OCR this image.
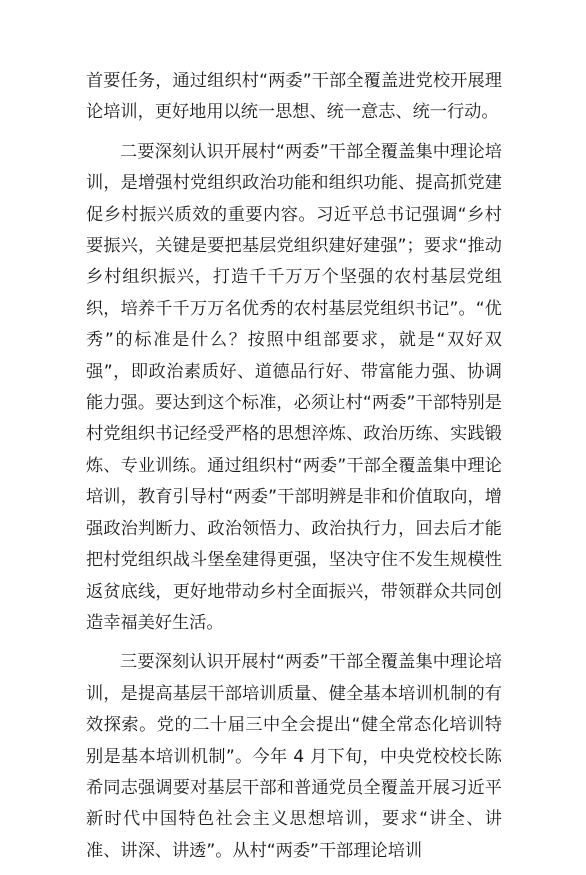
首要任务，通过组织村“两委”干部全覆盖进党校开展理论培训，更好地用以统一思想、统一意志、统一行动。

二要深刻认识开展村“两委”干部全覆盖集中理论培训，是增强村党组织政治功能和组织功能、提高抓党建促乡村振兴质效的重要内容。习近平总书记强调“乡村要振兴，关键是要把基层党组织建好建强”；要求“推动乡村组织振兴，打造千千万万个坚强的农村基层党组织，培养千千万万名优秀的农村基层党组织书记”。“优秀”的标准是什么？按照中组部要求，就是“双好双强”，即政治素质好、道德品行好、带富能力强、协调能力强。要达到这个标准，必须让村“两委”干部特别是村党组织书记经受严格的思想淬炼、政治历练、实践锻炼、专业训练。通过组织村“两委”干部全覆盖集中理论培训，教育引导村“两委”干部明辨是非和价值取向，增强政治判断力、政治领悟力、政治执行力，回去后才能把村党组织战斗堡垒建得更强，坚决守住不发生规模性返贫底线，更好地带动乡村全面振兴，带领群众共同创造幸福美好生活。

三要深刻认识开展村“两委”干部全覆盖集中理论培训，是提高基层干部培训质量、健全基本培训机制的有效探索。党的二十届三中全会提出“健全常态化培训特别是基本培训机制”。今年 4 月下旬，中央党校校长陈希同志强调要对基层干部和普通党员全覆盖开展习近平新时代中国特色社会主义思想培训，要求“讲全、讲准、讲深、讲透”。从村“两委”干部理论培训
